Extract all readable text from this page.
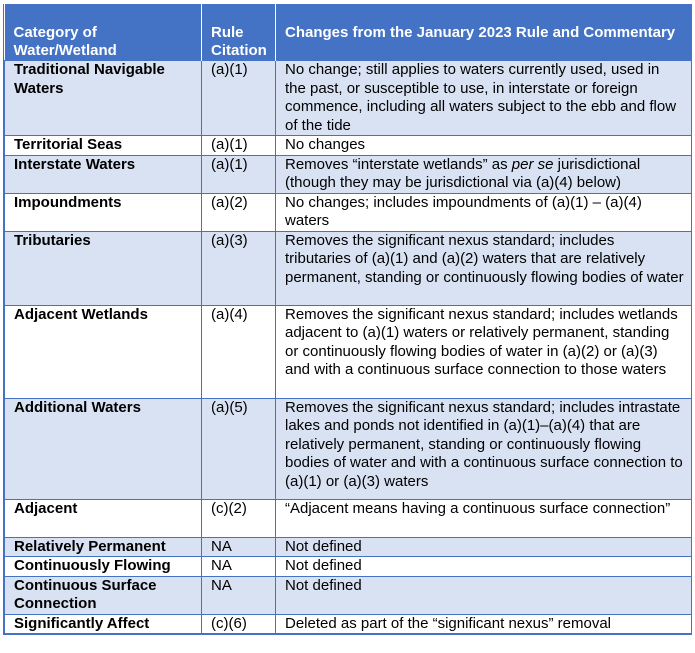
Category of Water/Wetland	Rule Citation	Changes from the January 2023 Rule and Commentary
Traditional Navigable Waters	(a)(1)	No change; still applies to waters currently used, used in the past, or susceptible to use, in interstate or foreign commence, including all waters subject to the ebb and flow of the tide
Territorial Seas	(a)(1)	No changes
Interstate Waters	(a)(1)	Removes “interstate wetlands” as per se jurisdictional (though they may be jurisdictional via (a)(4) below)
Impoundments	(a)(2)	No changes; includes impoundments of (a)(1) – (a)(4) waters
Tributaries	(a)(3)	Removes the significant nexus standard; includes tributaries of (a)(1) and (a)(2) waters that are relatively permanent, standing or continuously flowing bodies of water
Adjacent Wetlands	(a)(4)	Removes the significant nexus standard; includes wetlands adjacent to (a)(1) waters or relatively permanent, standing or continuously flowing bodies of water in (a)(2) or (a)(3) and with a continuous surface connection to those waters
Additional Waters	(a)(5)	Removes the significant nexus standard; includes intrastate lakes and ponds not identified in (a)(1)–(a)(4) that are relatively permanent, standing or continuously flowing bodies of water and with a continuous surface connection to (a)(1) or (a)(3) waters
Adjacent	(c)(2)	“Adjacent means having a continuous surface connection”
Relatively Permanent	NA	Not defined
Continuously Flowing	NA	Not defined
Continuous Surface Connection	NA	Not defined
Significantly Affect	(c)(6)	Deleted as part of the “significant nexus” removal
